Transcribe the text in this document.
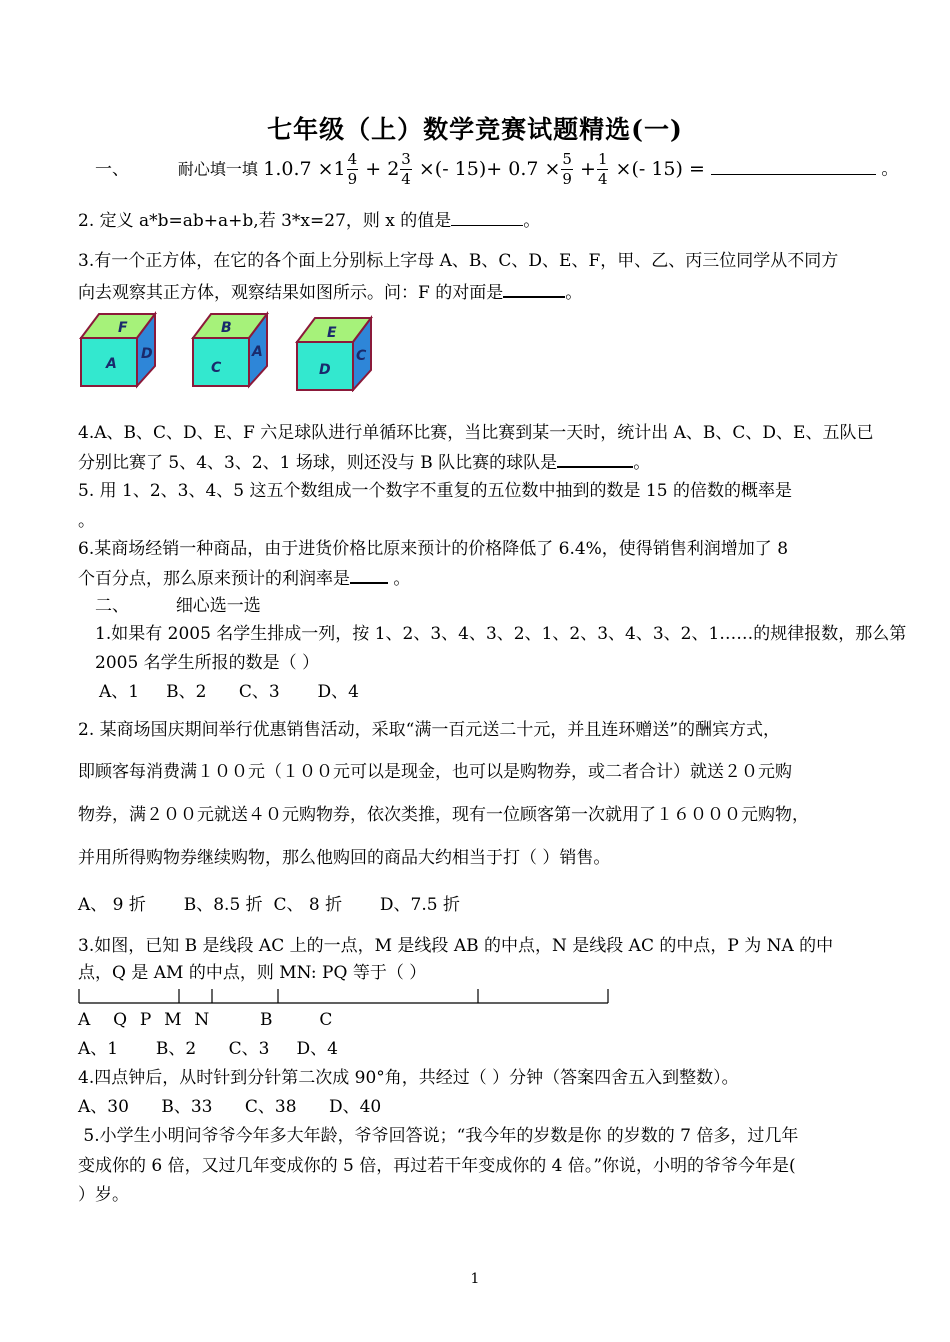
七年级（上）数学竞赛试题精选(一)
一、	耐心填一填 $1.0.7 \times 1 \frac{4}{9} + 2 \frac{3}{4}$ ×(- $15)+ 0.7 \times \frac{5}{9} + \frac{1}{4}$ ×(- 15) =	。
2. 定义 a*b=ab+a+b,若 3*x=27，则 x 的值是	。
3.有一个正方体，在它的各个面上分别标上字母 A、B、C、D、E、F，甲、乙、丙三位同学从不同方
向去观察其正方体，观察结果如图所示。问：F 的对面是	。
F
A
D
B
C
A
E
D
C
4.A、B、C、D、E、F 六足球队进行单循环比赛，当比赛到某一天时，统计出 A、B、C、D、E、五队已
分别比赛了 5、4、3、2、1 场球，则还没与 B 队比赛的球队是	。
5. 用 1、2、3、4、5 这五个数组成一个数字不重复的五位数中抽到的数是 15 的倍数的概率是
。
6.某商场经销一种商品，由于进货价格比原来预计的价格降低了 6.4%，使得销售利润增加了 8
个百分点，那么原来预计的利润率是 。
二、	细心选一选
1.如果有 2005 名学生排成一列，按 1、2、3、4、3、2、1、2、3、4、3、2、1……的规律报数，那么第
2005 名学生所报的数是（ ）
A、1     B、2      C、3       D、4
2. 某商场国庆期间举行优惠销售活动，采取“满一百元送二十元，并且连环赠送”的酬宾方式，
即顾客每消费满１００元（１００元可以是现金，也可以是购物券，或二者合计）就送２０元购
物券，满２００元就送４０元购物券，依次类推，现有一位顾客第一次就用了１６０００元购物，
并用所得购物券继续购物，那么他购回的商品大约相当于打（ ）销售。
A、 9 折       B、8.5 折  C、 8 折       D、7.5 折
3.如图，已知 B 是线段 AC 上的一点，M 是线段 AB 的中点，N 是线段 AC 的中点，P 为 NA 的中
点，Q 是 AM 的中点，则 MN: PQ 等于（ ）
A Q P M N	B	C
A、1       B、2      C、3     D、4
4.四点钟后，从时针到分针第二次成 90°角，共经过（ ）分钟（答案四舍五入到整数）。
A、30      B、33      C、38      D、40
5.小学生小明问爷爷今年多大年龄，爷爷回答说；“我今年的岁数是你 的岁数的 7 倍多，过几年
变成你的 6 倍，又过几年变成你的 5 倍，再过若干年变成你的 4 倍。”你说，小明的爷爷今年是(
）岁。
1
